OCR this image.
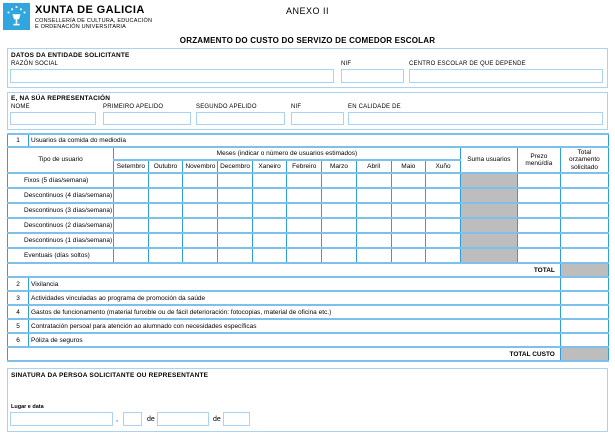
XUNTA DE GALICIA
CONSELLERÍA DE CULTURA, EDUCACIÓN
E ORDENACIÓN UNIVERSITARIA
ANEXO II
ORZAMENTO DO CUSTO DO SERVIZO DE COMEDOR ESCOLAR
DATOS DA ENTIDADE SOLICITANTE
RAZÓN SOCIAL	NIF	CENTRO ESCOLAR DE QUE DEPENDE
E, NA SÚA REPRESENTACIÓN
NOME	PRIMEIRO APELIDO	SEGUNDO APELIDO	NIF	EN CALIDADE DE
1	Usuarios da comida do mediodía													
Tipo de usuario		Meses (indicar o número de usuarios estimados)										Suma usuarios	Prezo menú/día	Total orzamento solicitado
		Setembro	Outubro	Novembro	Decembro	Xaneiro	Febreiro	Marzo	Abril	Maio	Xuño			
Fixos (5 días/semana)														
Descontinuos (4 días/semana)														
Descontinuos (3 días/semana)														
Descontinuos (2 días/semana)														
Descontinuos (1 días/semana)														
Eventuais (días soltos)														
TOTAL														
2	Vixilancia													
3	Actividades vinculadas ao programa de promoción da saúde													
4	Gastos de funcionamento (material funxible ou de fácil deterioración: fotocopias, material de oficina etc.)													
5	Contratación persoal para atención ao alumnado con necesidades específicas													
6	Póliza de seguros													
TOTAL CUSTO														
SINATURA DA PERSOA SOLICITANTE OU REPRESENTANTE
Lugar e data
,	de	de
